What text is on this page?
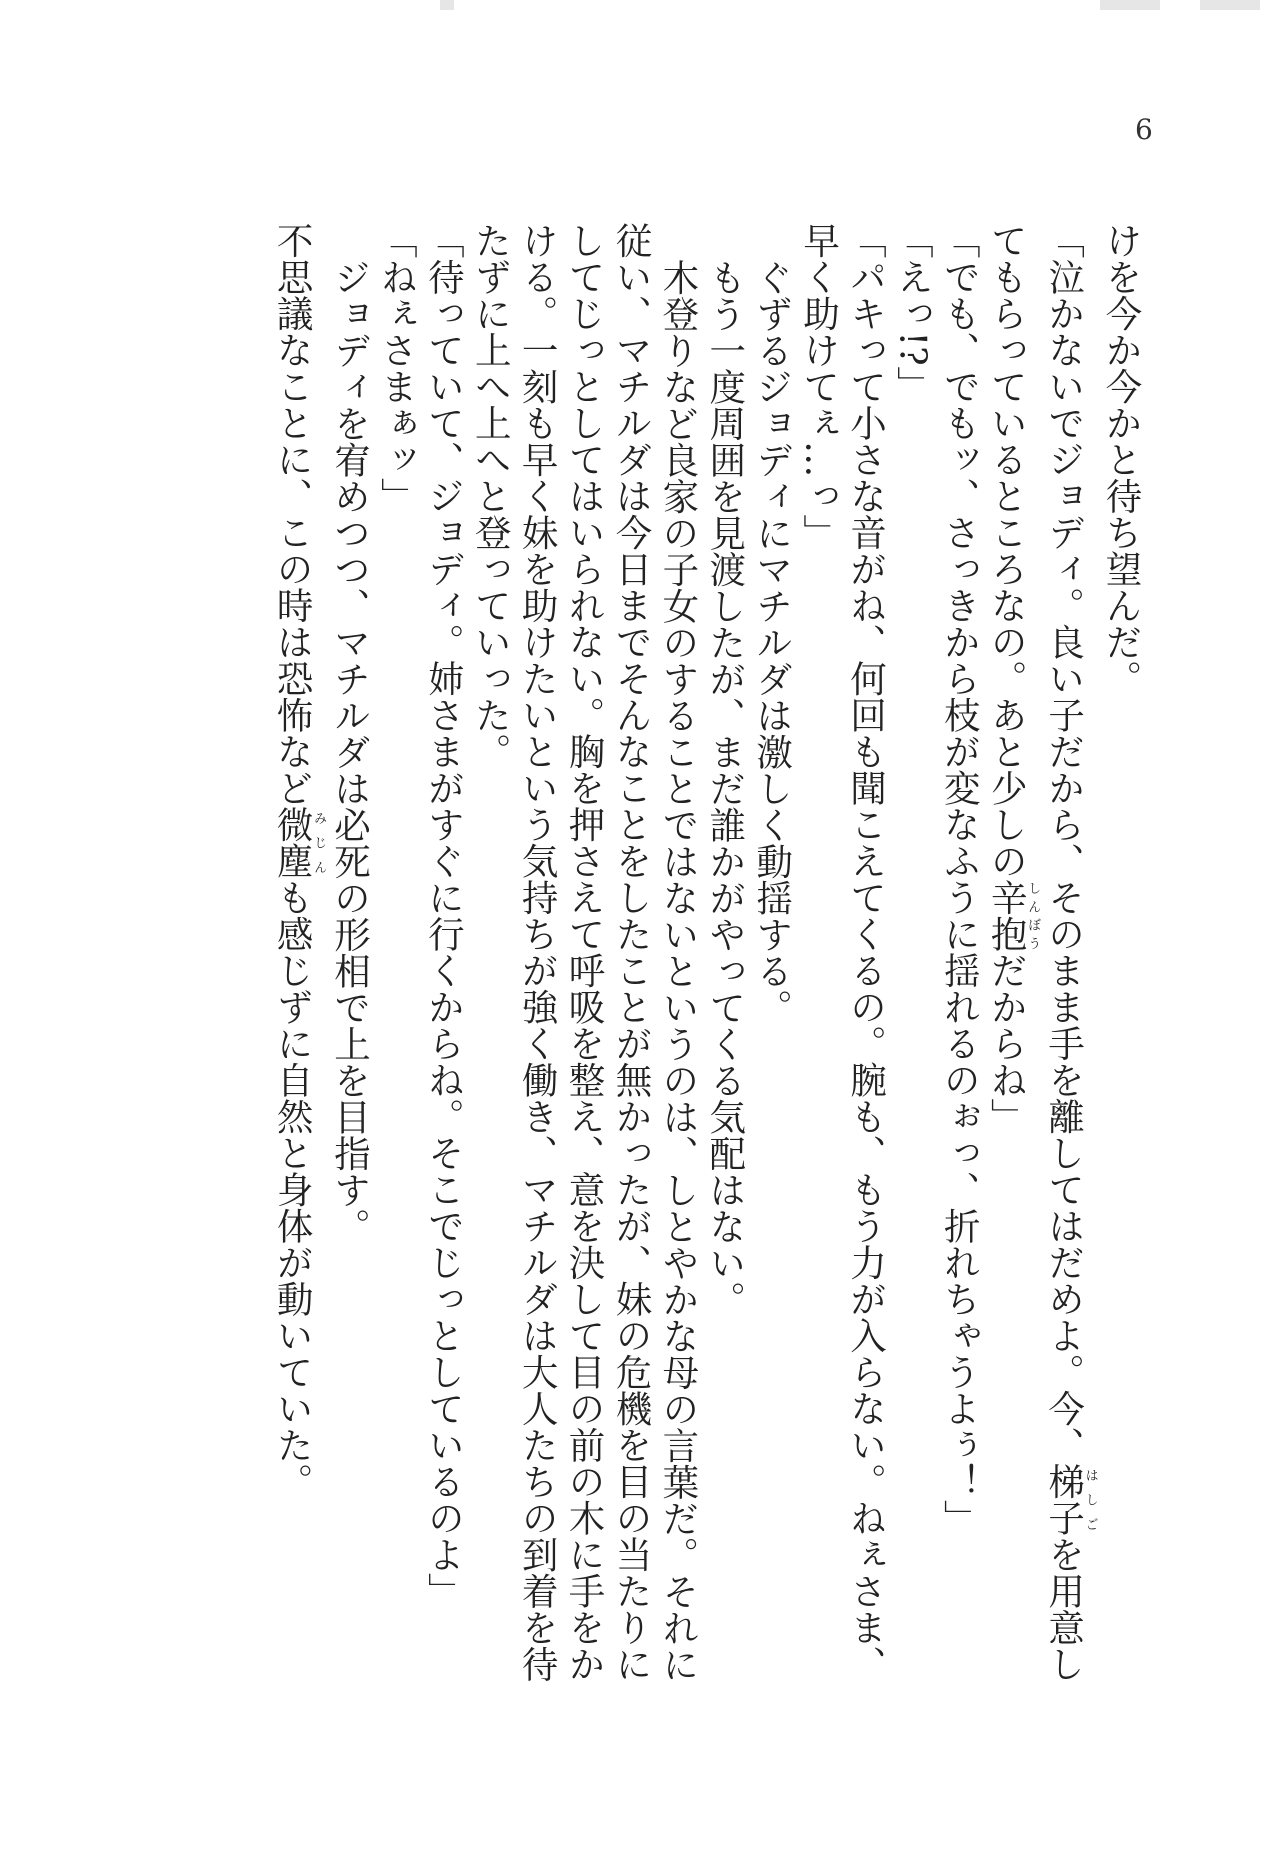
6
けを今か今かと待ち望んだ。
「泣かないでジョディ。良い子だから、そのまま手を離してはだめよ。今、梯子はしごを用意し
てもらっているところなの。あと少しの辛抱しんぼうだからね」
「でも、でもッ、さっきから枝が変なふうに揺れるのぉっ、折れちゃうよぅ！」
「えっ!?」
「パキって小さな音がね、何回も聞こえてくるの。腕も、もう力が入らない。ねぇさま、
早く助けてぇ…っ」
ぐずるジョディにマチルダは激しく動揺する。
もう一度周囲を見渡したが、まだ誰かがやってくる気配はない。
木登りなど良家の子女のすることではないというのは、しとやかな母の言葉だ。それに
従い、マチルダは今日までそんなことをしたことが無かったが、妹の危機を目の当たりに
してじっとしてはいられない。胸を押さえて呼吸を整え、意を決して目の前の木に手をか
ける。一刻も早く妹を助けたいという気持ちが強く働き、マチルダは大人たちの到着を待
たずに上へ上へと登っていった。
「待っていて、ジョディ。姉さまがすぐに行くからね。そこでじっとしているのよ」
「ねぇさまぁッ」
ジョディを宥めつつ、マチルダは必死の形相で上を目指す。
不思議なことに、この時は恐怖など微塵みじんも感じずに自然と身体が動いていた。
